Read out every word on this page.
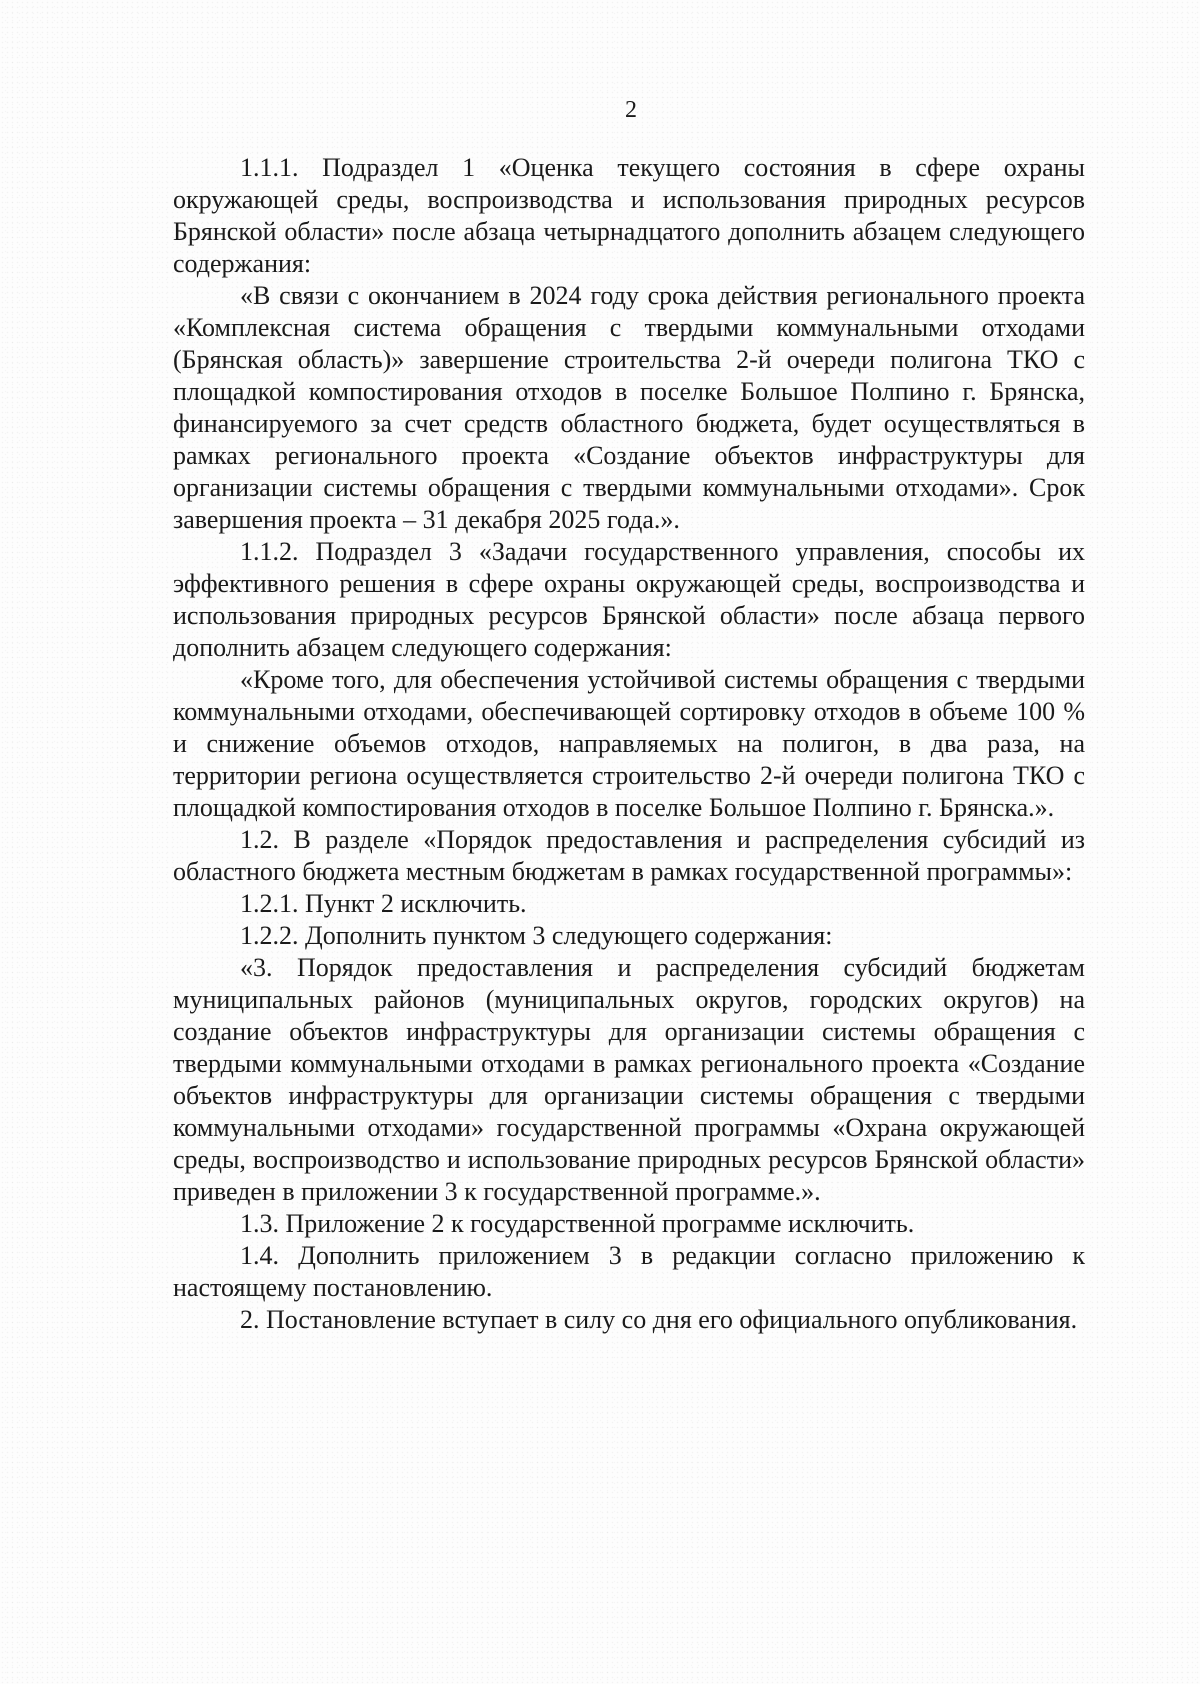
2

1.1.1. Подраздел 1 «Оценка текущего состояния в сфере охраны окружающей среды, воспроизводства и использования природных ресурсов Брянской области» после абзаца четырнадцатого дополнить абзацем следующего содержания:

«В связи с окончанием в 2024 году срока действия регионального проекта «Комплексная система обращения с твердыми коммунальными отходами (Брянская область)» завершение строительства 2-й очереди полигона ТКО с площадкой компостирования отходов в поселке Большое Полпино г. Брянска, финансируемого за счет средств областного бюджета, будет осуществляться в рамках регионального проекта «Создание объектов инфраструктуры для организации системы обращения с твердыми коммунальными отходами». Срок завершения проекта – 31 декабря 2025 года.».

1.1.2. Подраздел 3 «Задачи государственного управления, способы их эффективного решения в сфере охраны окружающей среды, воспроизводства и использования природных ресурсов Брянской области» после абзаца первого дополнить абзацем следующего содержания:

«Кроме того, для обеспечения устойчивой системы обращения с твердыми коммунальными отходами, обеспечивающей сортировку отходов в объеме 100 % и снижение объемов отходов, направляемых на полигон, в два раза, на территории региона осуществляется строительство 2-й очереди полигона ТКО с площадкой компостирования отходов в поселке Большое Полпино г. Брянска.».

1.2. В разделе «Порядок предоставления и распределения субсидий из областного бюджета местным бюджетам в рамках государственной программы»:

1.2.1. Пункт 2 исключить.

1.2.2. Дополнить пунктом 3 следующего содержания:

«3. Порядок предоставления и распределения субсидий бюджетам муниципальных районов (муниципальных округов, городских округов) на создание объектов инфраструктуры для организации системы обращения с твердыми коммунальными отходами в рамках регионального проекта «Создание объектов инфраструктуры для организации системы обращения с твердыми коммунальными отходами» государственной программы «Охрана окружающей среды, воспроизводство и использование природных ресурсов Брянской области» приведен в приложении 3 к государственной программе.».

1.3. Приложение 2 к государственной программе исключить.

1.4. Дополнить приложением 3 в редакции согласно приложению к настоящему постановлению.

2. Постановление вступает в силу со дня его официального опубликования.
